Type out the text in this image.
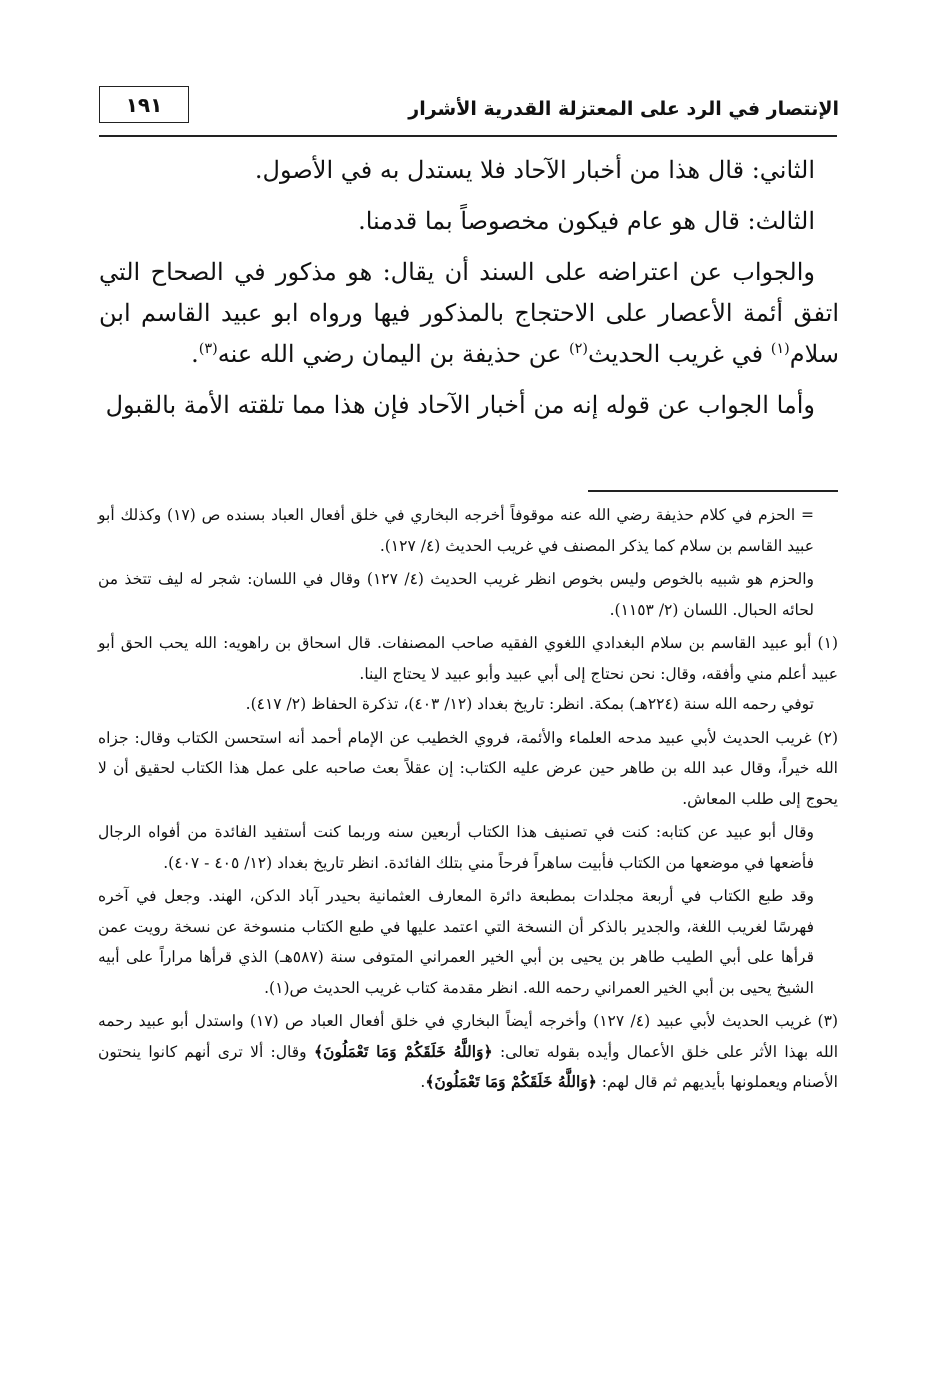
الإنتصار في الرد على المعتزلة القدرية الأشرار
١٩١

الثاني: قال هذا من أخبار الآحاد فلا يستدل به في الأصول.

الثالث: قال هو عام فيكون مخصوصاً بما قدمنا.

والجواب عن اعتراضه على السند أن يقال: هو مذكور في الصحاح التي اتفق أئمة الأعصار على الاحتجاج بالمذكور فيها ورواه ابو عبيد القاسم ابن سلام$^{(١)}$ في غريب الحديث$^{(٢)}$ عن حذيفة بن اليمان رضي الله عنه$^{(٣)}$.

وأما الجواب عن قوله إنه من أخبار الآحاد فإن هذا مما تلقته الأمة بالقبول

= الحزم في كلام حذيفة رضي الله عنه موقوفاً أخرجه البخاري في خلق أفعال العباد بسنده ص (١٧) وكذلك أبو عبيد القاسم بن سلام كما يذكر المصنف في غريب الحديث (٤/ ١٢٧).

والحزم هو شبيه بالخوص وليس بخوص انظر غريب الحديث (٤/ ١٢٧) وقال في اللسان: شجر له ليف تتخذ من لحائه الحبال. اللسان (٢/ ١١٥٣).

(١) أبو عبيد القاسم بن سلام البغدادي اللغوي الفقيه صاحب المصنفات. قال اسحاق بن راهويه: الله يحب الحق أبو عبيد أعلم مني وأفقه، وقال: نحن نحتاج إلى أبي عبيد وأبو عبيد لا يحتاج الينا.

توفي رحمه الله سنة (٢٢٤هـ) بمكة. انظر: تاريخ بغداد (١٢/ ٤٠٣)، تذكرة الحفاظ (٢/ ٤١٧).

(٢) غريب الحديث لأبي عبيد مدحه العلماء والأئمة، فروي الخطيب عن الإمام أحمد أنه استحسن الكتاب وقال: جزاه الله خيراً، وقال عبد الله بن طاهر حين عرض عليه الكتاب: إن عقلاً بعث صاحبه على عمل هذا الكتاب لحقيق أن لا يحوج إلى طلب المعاش.

وقال أبو عبيد عن كتابه: كنت في تصنيف هذا الكتاب أربعين سنه وربما كنت أستفيد الفائدة من أفواه الرجال فأضعها في موضعها من الكتاب فأبيت ساهراً فرحاً مني بتلك الفائدة. انظر تاريخ بغداد (١٢/ ٤٠٥ - ٤٠٧).

وقد طبع الكتاب في أربعة مجلدات بمطبعة دائرة المعارف العثمانية بحيدر آباد الدكن، الهند. وجعل في آخره فهرسًا لغريب اللغة، والجدير بالذكر أن النسخة التي اعتمد عليها في طبع الكتاب منسوخة عن نسخة رويت عمن قرأها على أبي الطيب طاهر بن يحيى بن أبي الخير العمراني المتوفى سنة (٥٨٧هـ) الذي قرأها مراراً على أبيه الشيخ يحيى بن أبي الخير العمراني رحمه الله. انظر مقدمة كتاب غريب الحديث ص(١).

(٣) غريب الحديث لأبي عبيد (٤/ ١٢٧) وأخرجه أيضاً البخاري في خلق أفعال العباد ص (١٧) واستدل أبو عبيد رحمه الله بهذا الأثر على خلق الأعمال وأيده بقوله تعالى: ﴿وَاللَّهُ خَلَقَكُمْ وَمَا تَعْمَلُونَ﴾ وقال: ألا ترى أنهم كانوا ينحتون الأصنام ويعملونها بأيديهم ثم قال لهم: ﴿وَاللَّهُ خَلَقَكُمْ وَمَا تَعْمَلُونَ﴾.
